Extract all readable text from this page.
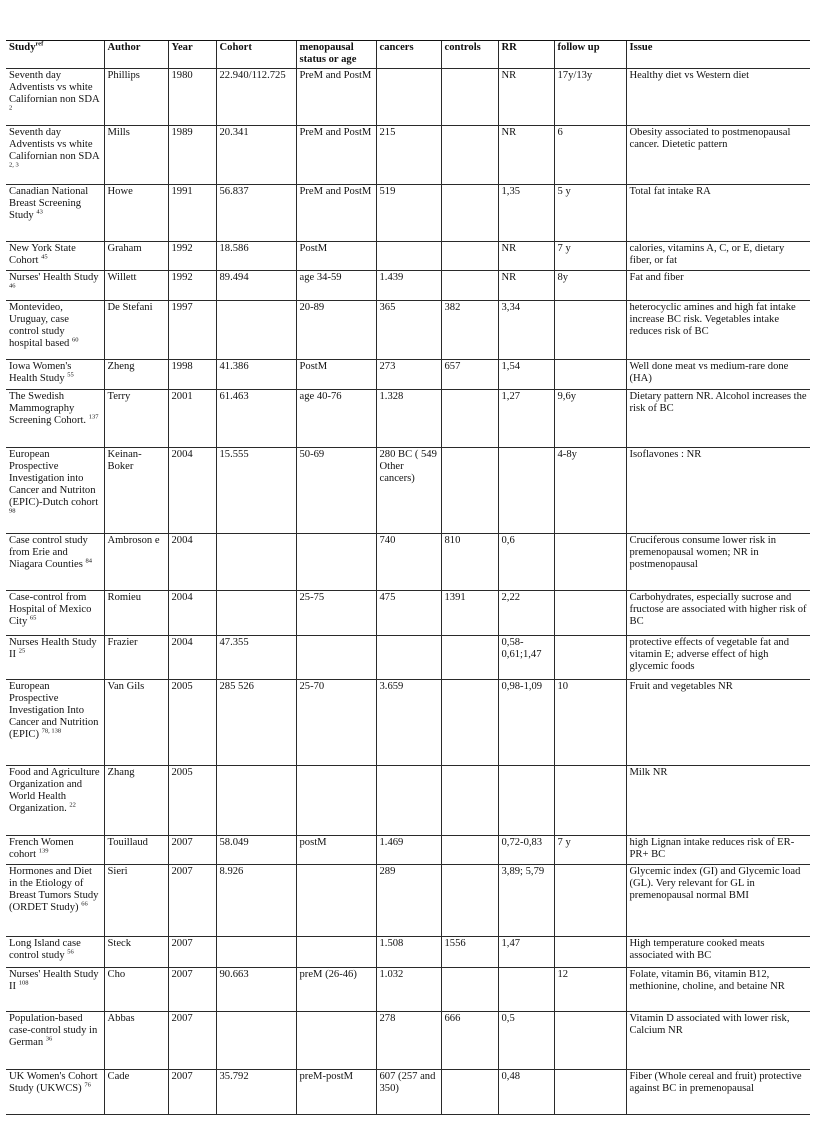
Study$^{ref}$	Author	Year	Cohort	menopausal status or age	cancers	controls	RR	follow up	Issue
Seventh day Adventists vs white Californian non SDA $^2$	Phillips	1980	22.940/112.725	PreM and PostM			NR	17y/13y	Healthy diet vs Western diet
Seventh day Adventists vs white Californian non SDA $^{2, 3}$	Mills	1989	20.341	PreM and PostM	215		NR	6	Obesity associated to postmenopausal cancer. Dietetic pattern
Canadian National Breast Screening Study $^{43}$	Howe	1991	56.837	PreM and PostM	519		1,35	5 y	Total fat intake RA
New York State Cohort $^{45}$	Graham	1992	18.586	PostM			NR	7 y	calories, vitamins A, C, or E, dietary fiber, or fat
Nurses' Health Study $^{46}$	Willett	1992	89.494	age 34-59	1.439		NR	8y	Fat and fiber
Montevideo, Uruguay, case control study hospital based $^{60}$	De Stefani	1997		20-89	365	382	3,34		heterocyclic amines and high fat intake increase BC risk. Vegetables intake reduces risk of BC
Iowa Women's Health Study $^{55}$	Zheng	1998	41.386	PostM	273	657	1,54		Well done meat vs medium-rare done (HA)
The Swedish Mammography Screening Cohort. $^{137}$	Terry	2001	61.463	age 40-76	1.328		1,27	9,6y	Dietary pattern NR. Alcohol increases the risk of BC
European Prospective Investigation into Cancer and Nutriton (EPIC)-Dutch cohort $^{98}$	Keinan-Boker	2004	15.555	50-69	280 BC ( 549 Other cancers)			4-8y	Isoflavones : NR
Case control study from Erie and Niagara Counties $^{84}$	Ambroson e	2004			740	810	0,6		Cruciferous consume lower risk in premenopausal women; NR in postmenopausal
Case-control from Hospital of Mexico City $^{65}$	Romieu	2004		25-75	475	1391	2,22		Carbohydrates, especially sucrose and fructose are associated with higher risk of BC
Nurses Health Study II $^{25}$	Frazier	2004	47.355				0,58-0,61;1,47		protective effects of vegetable fat and vitamin E; adverse effect of high glycemic foods
European Prospective Investigation Into Cancer and Nutrition (EPIC) $^{78, 138}$	Van Gils	2005	285 526	25-70	3.659		0,98-1,09	10	Fruit and vegetables NR
Food and Agriculture Organization and World Health Organization. $^{22}$	Zhang	2005							Milk NR
French Women cohort $^{139}$	Touillaud	2007	58.049	postM	1.469		0,72-0,83	7 y	high Lignan intake reduces risk of ER- PR+ BC
Hormones and Diet in the Etiology of Breast Tumors Study (ORDET Study) $^{66}$	Sieri	2007	8.926		289		3,89; 5,79		Glycemic index (GI) and Glycemic load (GL). Very relevant for GL in premenopausal normal BMI
Long Island case control study $^{56}$	Steck	2007			1.508	1556	1,47		High temperature cooked meats associated with BC
Nurses' Health Study II $^{108}$	Cho	2007	90.663	preM (26-46)	1.032			12	Folate, vitamin B6, vitamin B12, methionine, choline, and betaine NR
Population-based case-control study in German $^{36}$	Abbas	2007			278	666	0,5		Vitamin D associated with lower risk, Calcium NR
UK Women's Cohort Study (UKWCS) $^{76}$	Cade	2007	35.792	preM-postM	607 (257 and 350)		0,48		Fiber (Whole cereal and fruit) protective against BC in premenopausal
